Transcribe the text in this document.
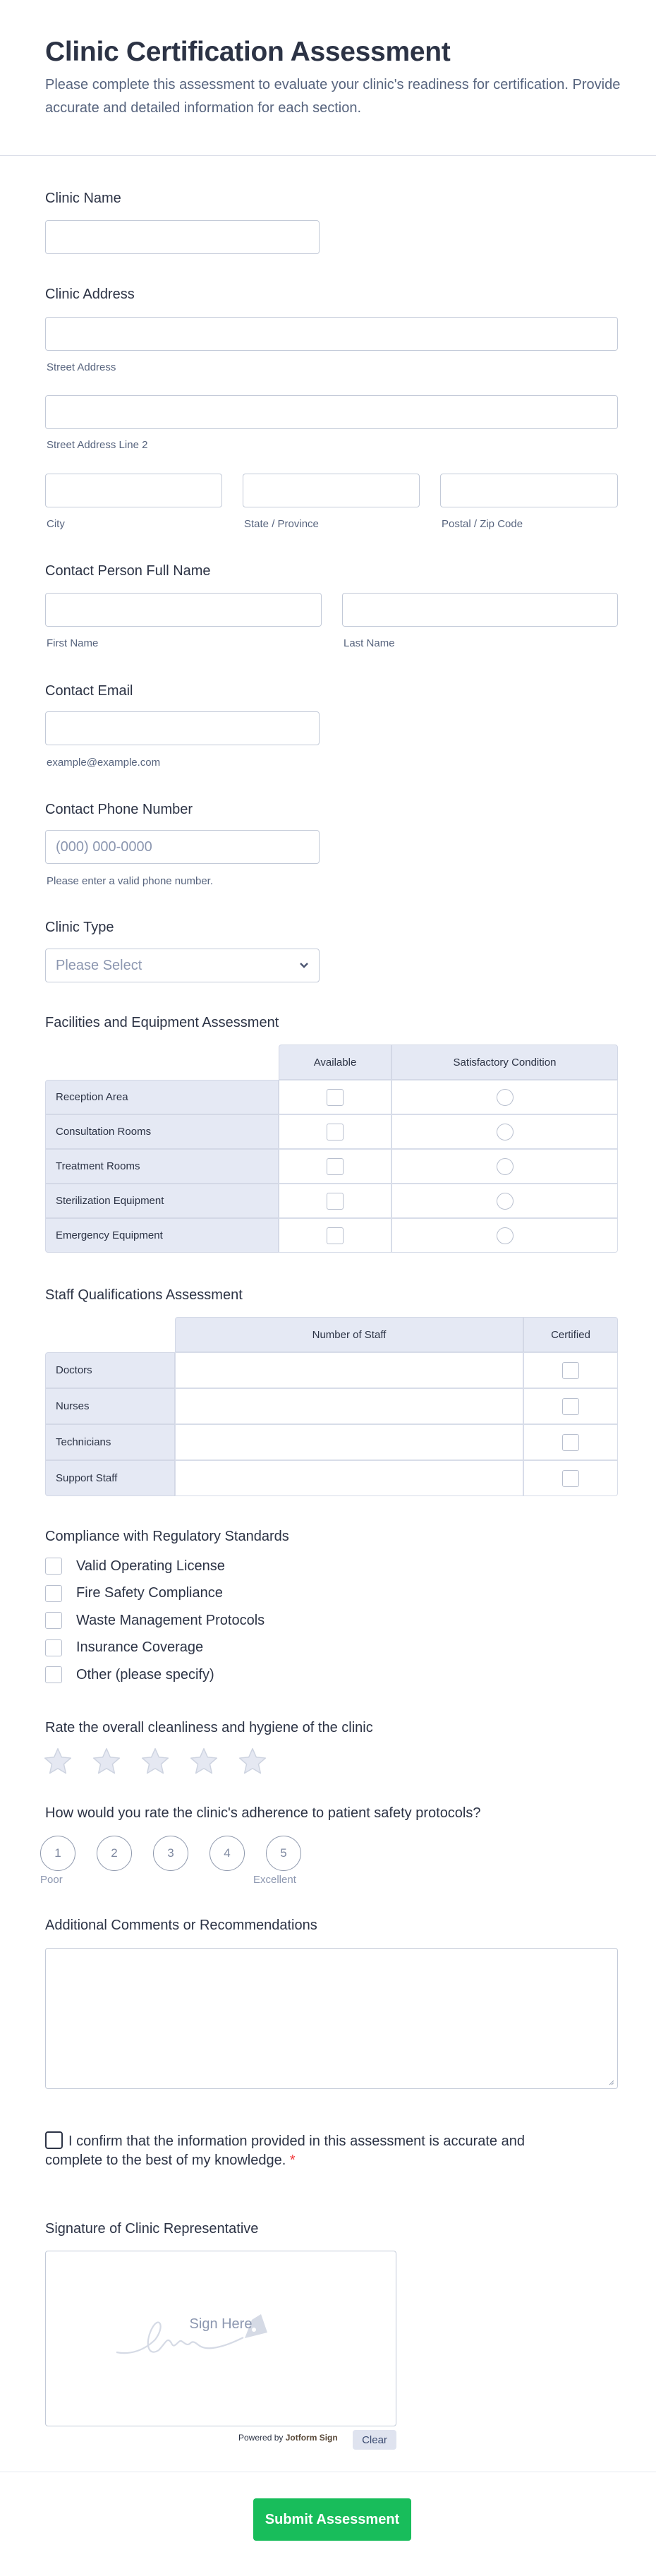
Clinic Certification Assessment
Please complete this assessment to evaluate your clinic's readiness for certification. Provide accurate and detailed information for each section.
Clinic Name
Clinic Address
Street Address
Street Address Line 2
City	State / Province	Postal / Zip Code
Contact Person Full Name
First Name	Last Name
Contact Email
example@example.com
Contact Phone Number
(000) 000-0000
Please enter a valid phone number.
Clinic Type
Please Select
Facilities and Equipment Assessment
	Available	Satisfactory Condition
Reception Area		
Consultation Rooms		
Treatment Rooms		
Sterilization Equipment		
Emergency Equipment		
Staff Qualifications Assessment
	Number of Staff	Certified
Doctors		
Nurses		
Technicians		
Support Staff		
Compliance with Regulatory Standards
Valid Operating License
Fire Safety Compliance
Waste Management Protocols
Insurance Coverage
Other (please specify)
Rate the overall cleanliness and hygiene of the clinic
How would you rate the clinic's adherence to patient safety protocols?
1	2	3	4	5
Poor	Excellent
Additional Comments or Recommendations
I confirm that the information provided in this assessment is accurate and complete to the best of my knowledge. *
Signature of Clinic Representative
Sign Here
Powered by Jotform Sign	Clear
Submit Assessment
